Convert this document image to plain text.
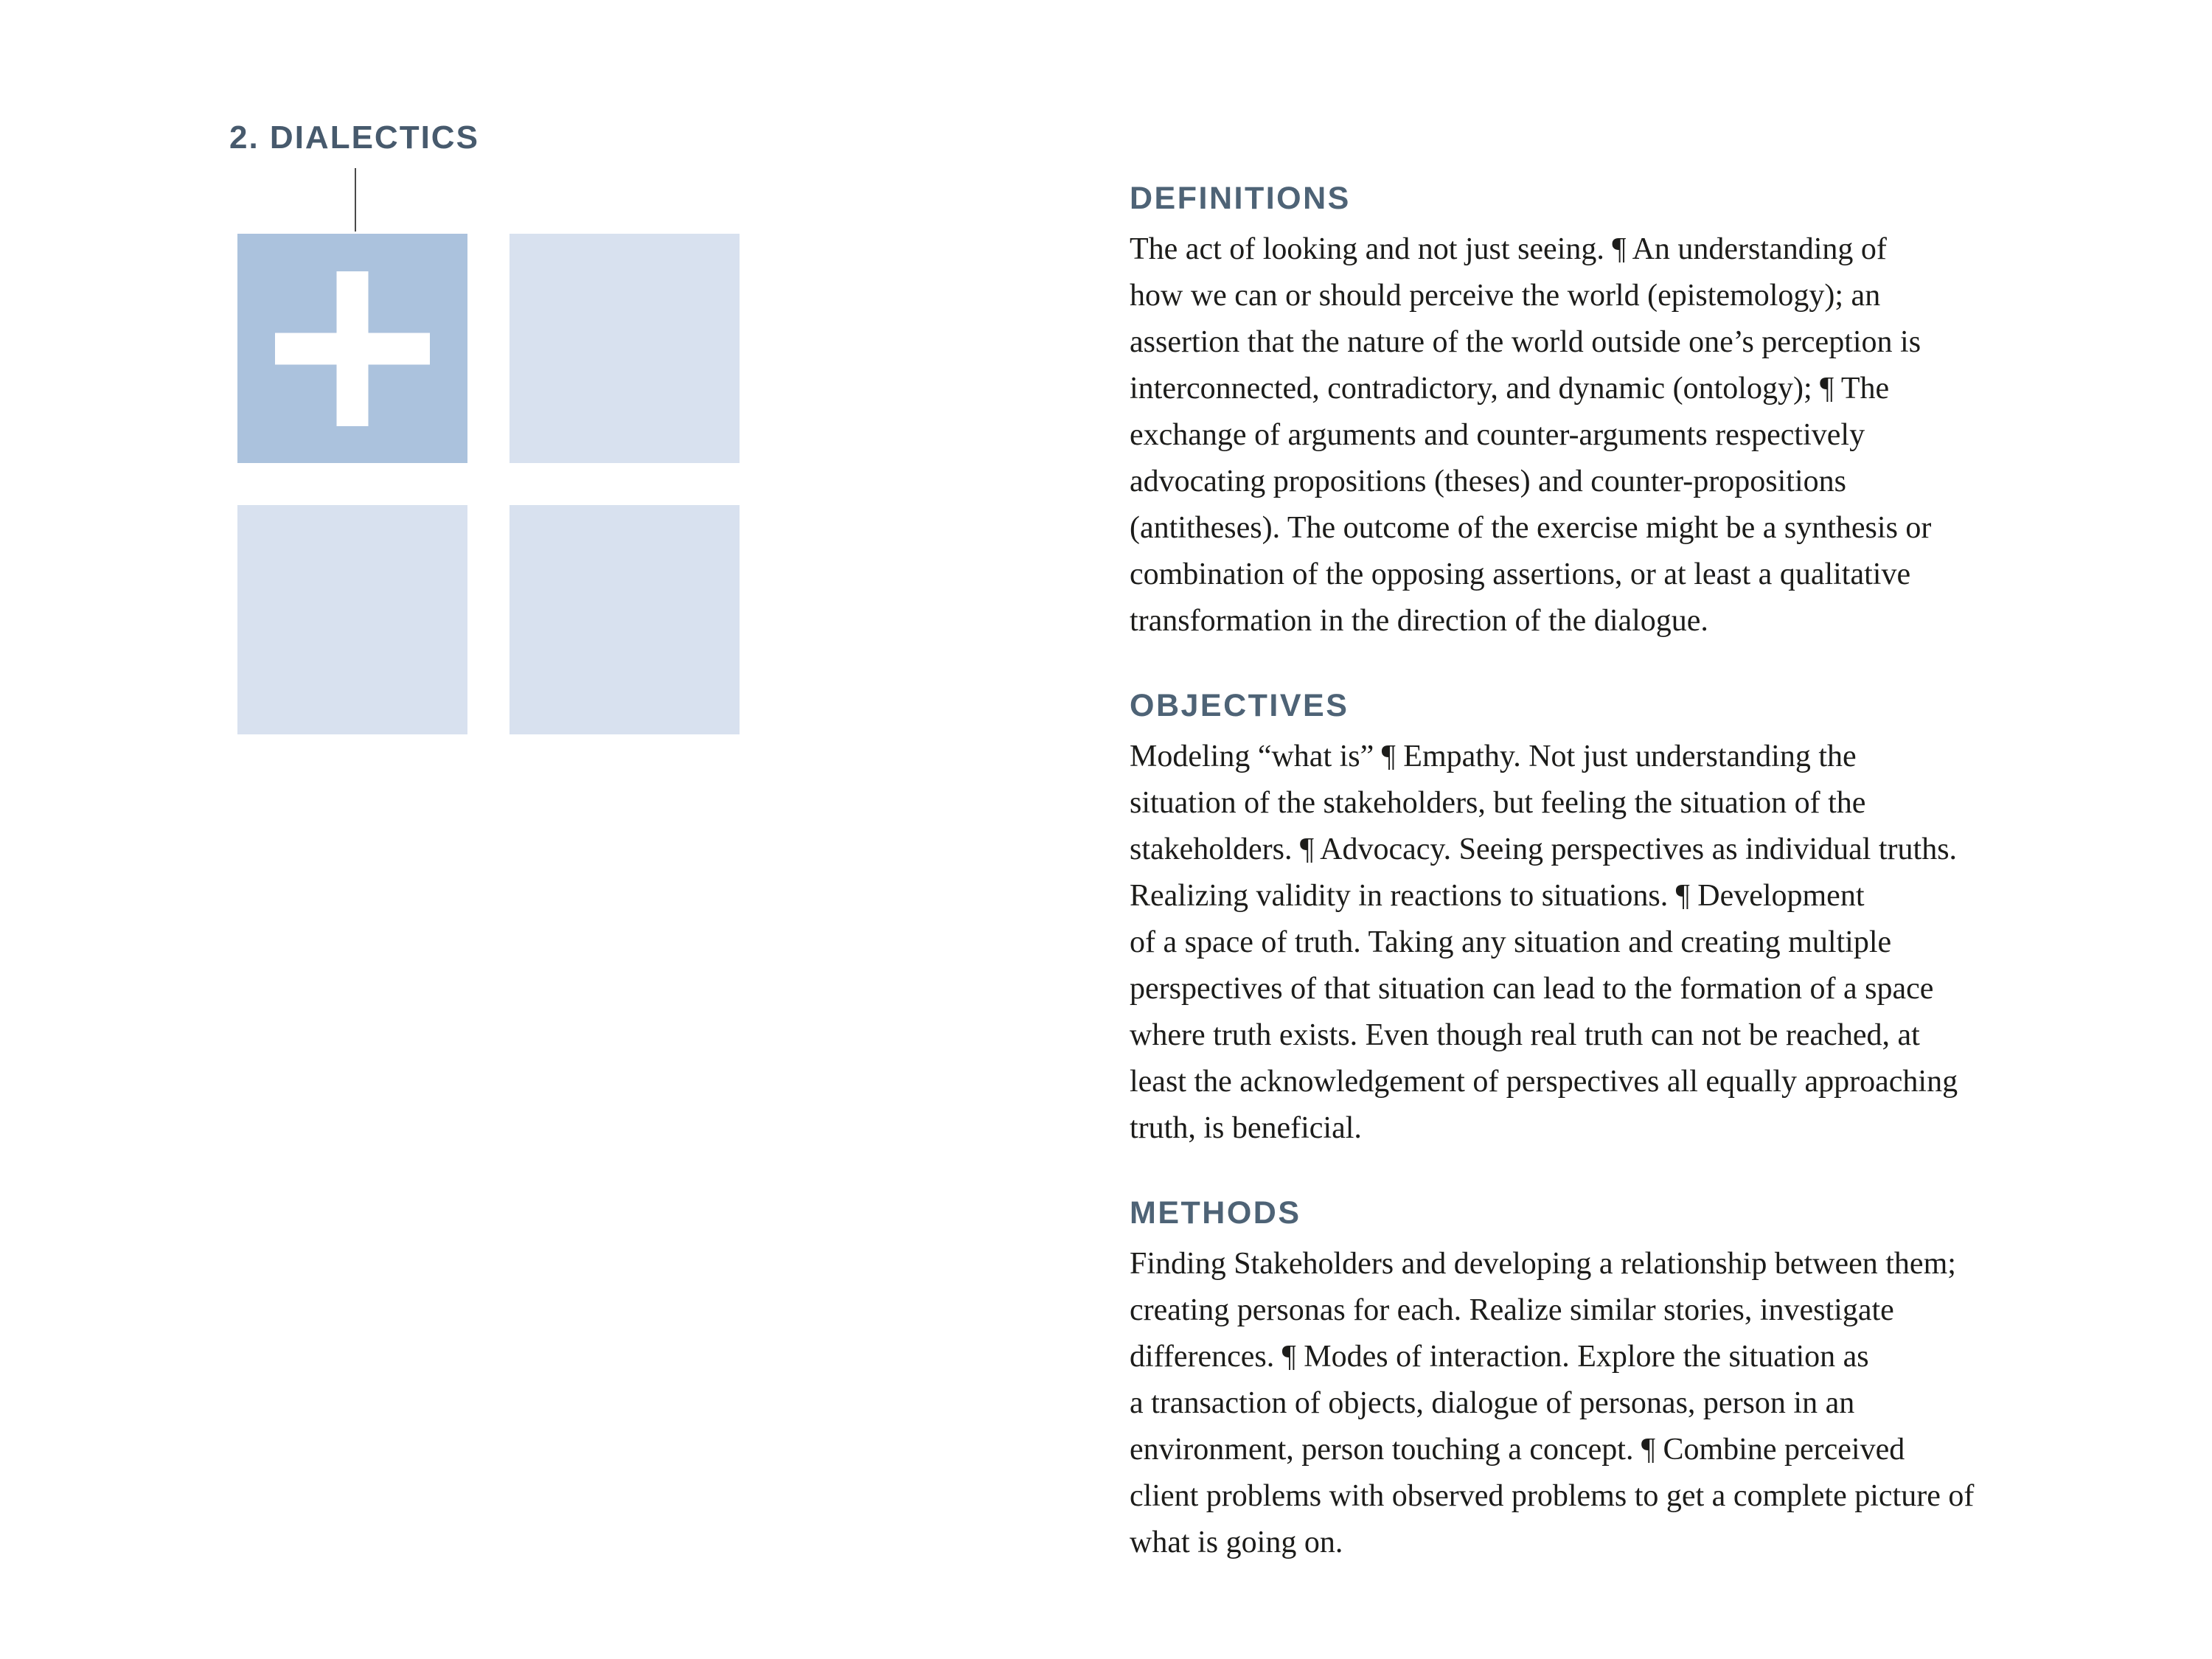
2. DIALECTICS
DEFINITIONS
The act of looking and not just seeing. ¶ An understanding of
how we can or should perceive the world (epistemology); an
assertion that the nature of the world outside one’s perception is
interconnected, contradictory, and dynamic (ontology); ¶ The
exchange of arguments and counter-arguments respectively
advocating propositions (theses) and counter-propositions
(antitheses). The outcome of the exercise might be a synthesis or
combination of the opposing assertions, or at least a qualitative
transformation in the direction of the dialogue.
OBJECTIVES
Modeling “what is” ¶ Empathy. Not just understanding the
situation of the stakeholders, but feeling the situation of the
stakeholders. ¶ Advocacy. Seeing perspectives as individual truths.
Realizing validity in reactions to situations. ¶ Development
of a space of truth. Taking any situation and creating multiple
perspectives of that situation can lead to the formation of a space
where truth exists. Even though real truth can not be reached, at
least the acknowledgement of perspectives all equally approaching
truth, is beneficial.
METHODS
Finding Stakeholders and developing a relationship between them;
creating personas for each. Realize similar stories, investigate
differences. ¶ Modes of interaction. Explore the situation as
a transaction of objects, dialogue of personas, person in an
environment, person touching a concept. ¶ Combine perceived
client problems with observed problems to get a complete picture of
what is going on.
